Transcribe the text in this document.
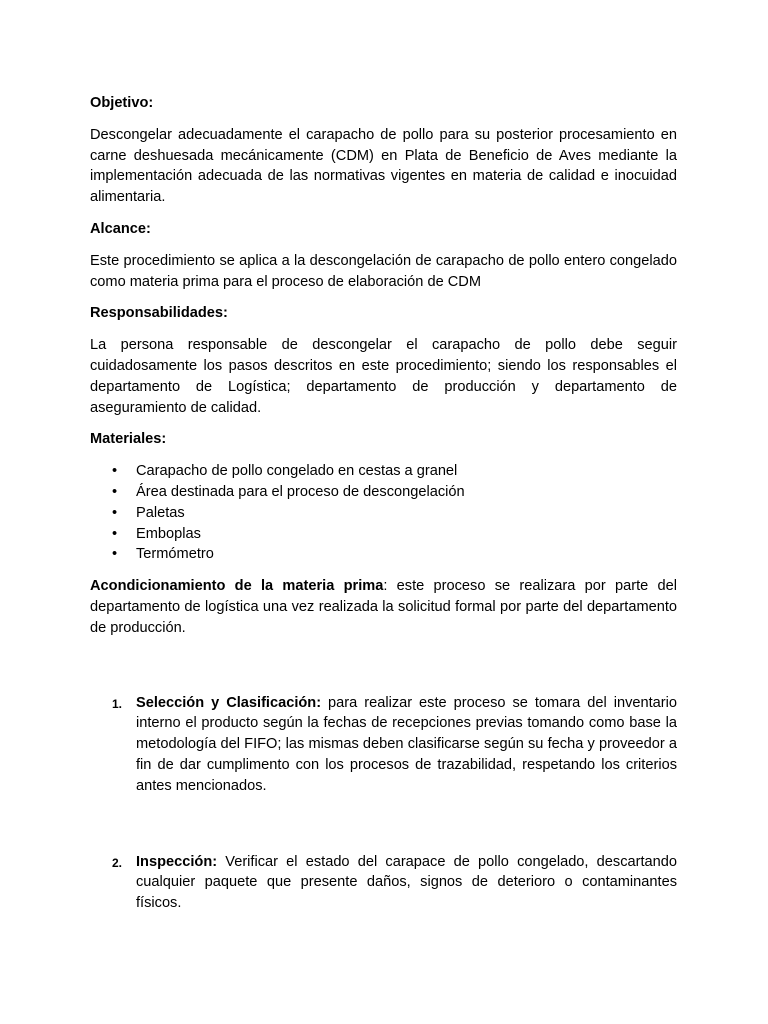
Objetivo:
Descongelar adecuadamente el carapacho de pollo para su posterior procesamiento en carne deshuesada mecánicamente (CDM) en Plata de Beneficio de Aves mediante la implementación adecuada de las normativas vigentes en materia de calidad e inocuidad alimentaria.
Alcance:
Este procedimiento se aplica a la descongelación de carapacho de pollo entero congelado como materia prima para el proceso de elaboración de CDM
Responsabilidades:
La persona responsable de descongelar el carapacho de pollo debe seguir cuidadosamente los pasos descritos en este procedimiento; siendo los responsables el departamento de Logística; departamento de producción y departamento de aseguramiento de calidad.
Materiales:
• Carapacho de pollo congelado en cestas a granel
• Área destinada para el proceso de descongelación
• Paletas
• Emboplas
• Termómetro
Acondicionamiento de la materia prima: este proceso se realizara por parte del departamento de logística una vez realizada la solicitud formal por parte del departamento de producción.
1. Selección y Clasificación: para realizar este proceso se tomara del inventario interno el producto según la fechas de recepciones previas tomando como base la metodología del FIFO; las mismas deben clasificarse según su fecha y proveedor a fin de dar cumplimento con los procesos de trazabilidad, respetando los criterios antes mencionados.
2. Inspección: Verificar el estado del carapace de pollo congelado, descartando cualquier paquete que presente daños, signos de deterioro o contaminantes físicos.
